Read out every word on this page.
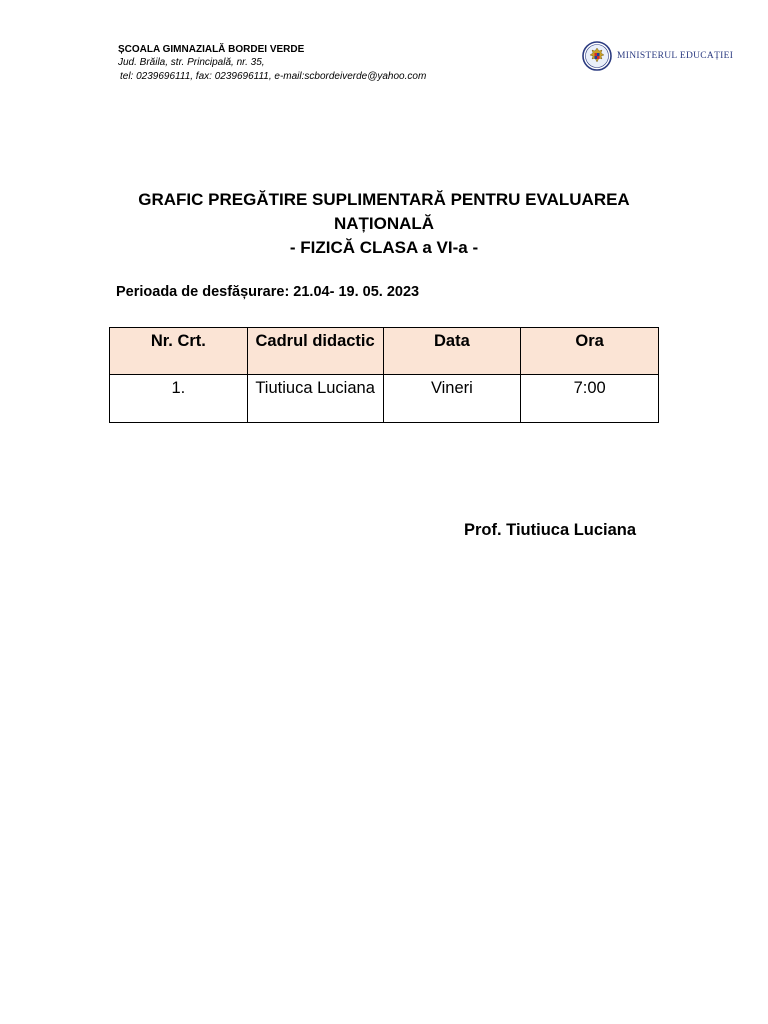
ȘCOALA GIMNAZIALĂ BORDEI VERDE
Jud. Brăila, str. Principală, nr. 35,
tel: 0239696111, fax: 0239696111, e-mail:scbordeiverde@yahoo.com
MINISTERUL EDUCAȚIEI
GRAFIC PREGĂTIRE SUPLIMENTARĂ PENTRU EVALUAREA
NAȚIONALĂ
- FIZICĂ CLASA a VI-a -
Perioada de desfășurare: 21.04- 19. 05. 2023
Nr. Crt.	Cadrul didactic	Data	Ora
1.	Tiutiuca Luciana	Vineri	7:00
Prof. Tiutiuca Luciana
